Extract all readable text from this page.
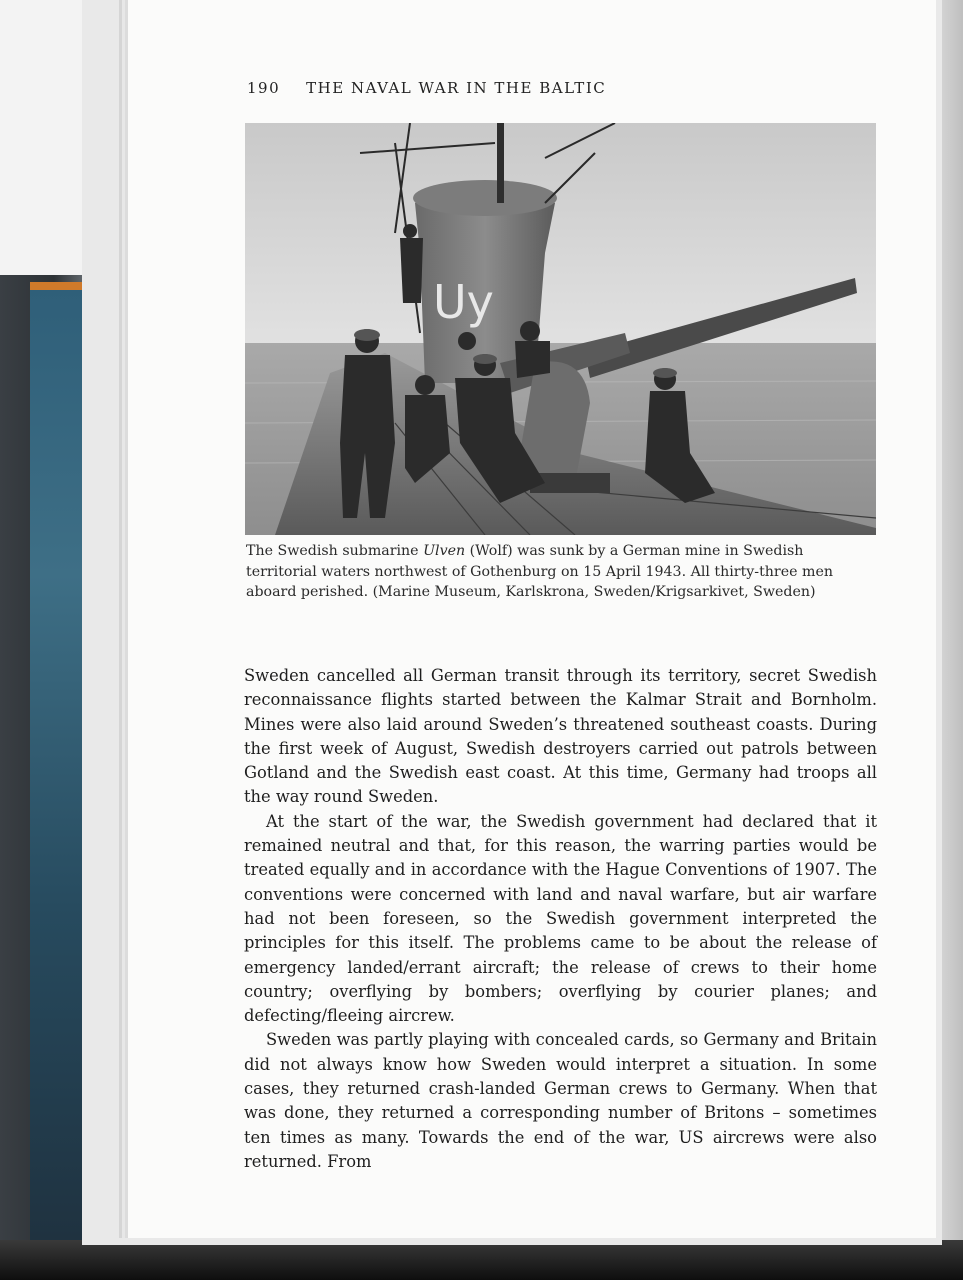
190 THE NAVAL WAR IN THE BALTIC
Uy

The Swedish submarine Ulven (Wolf) was sunk by a German mine in Swedish territorial waters northwest of Gothenburg on 15 April 1943. All thirty-three men aboard perished. (Marine Museum, Karlskrona, Sweden/Krigsarkivet, Sweden)

Sweden cancelled all German transit through its territory, secret Swedish reconnaissance flights started between the Kalmar Strait and Bornholm. Mines were also laid around Sweden’s threatened southeast coasts. During the first week of August, Swedish destroyers carried out patrols between Gotland and the Swedish east coast. At this time, Germany had troops all the way round Sweden.

At the start of the war, the Swedish government had declared that it remained neutral and that, for this reason, the warring parties would be treated equally and in accordance with the Hague Conventions of 1907. The conventions were concerned with land and naval warfare, but air warfare had not been foreseen, so the Swedish government interpreted the principles for this itself. The problems came to be about the release of emergency landed/errant aircraft; the release of crews to their home country; overflying by bombers; overflying by courier planes; and defecting/fleeing aircrew.

Sweden was partly playing with concealed cards, so Germany and Britain did not always know how Sweden would interpret a situation. In some cases, they returned crash-landed German crews to Germany. When that was done, they returned a corresponding number of Britons – sometimes ten times as many. Towards the end of the war, US aircrews were also returned. From
